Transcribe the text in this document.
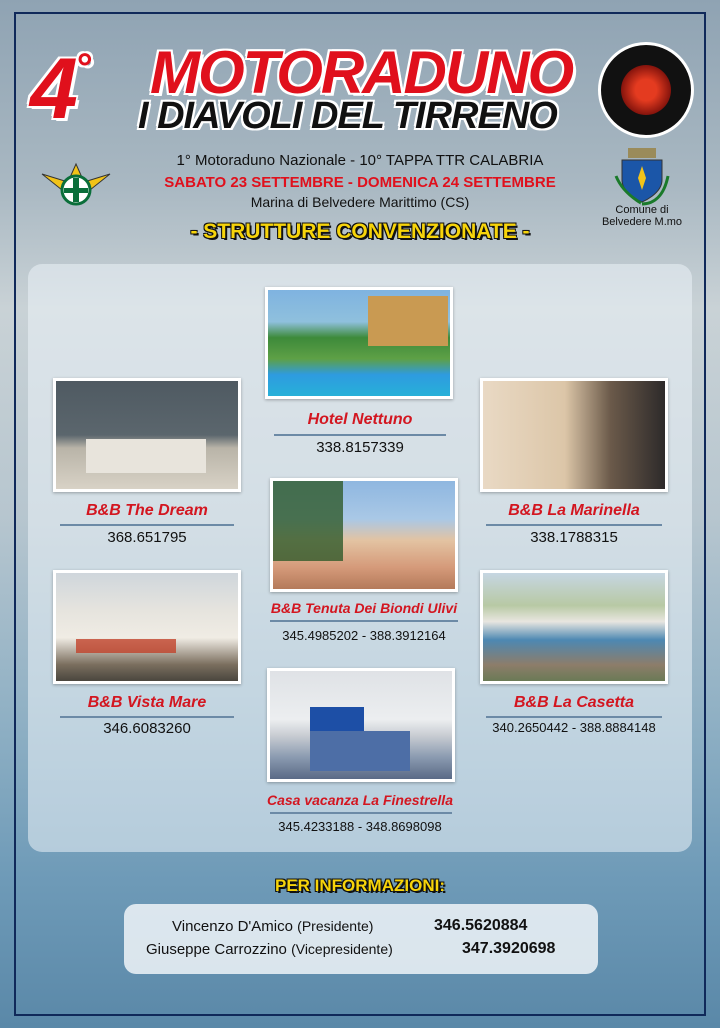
4° MOTORADUNO
I DIAVOLI DEL TIRRENO
Comune di
Belvedere M.mo
1° Motoraduno Nazionale - 10° TAPPA TTR CALABRIA
SABATO 23 SETTEMBRE - DOMENICA 24 SETTEMBRE
Marina di Belvedere Marittimo (CS)
- STRUTTURE CONVENZIONATE -
Hotel Nettuno
338.8157339
B&B The Dream
368.651795
B&B La Marinella
338.1788315
B&B Tenuta Dei Biondi Ulivi
345.4985202 - 388.3912164
B&B Vista Mare
346.6083260
B&B La Casetta
340.2650442 - 388.8884148
Casa vacanza La Finestrella
345.4233188 - 348.8698098
PER INFORMAZIONI:
Vincenzo D'Amico (Presidente)	346.5620884
Giuseppe Carrozzino (Vicepresidente)	347.3920698
